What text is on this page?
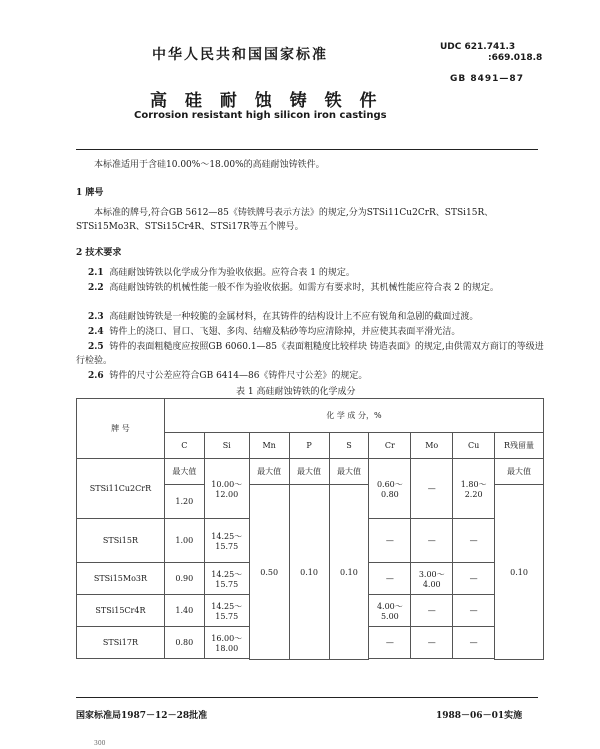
中华人民共和国国家标准	UDC 621.741.3
:669.018.8
GB 8491—87
高 硅 耐 蚀 铸 铁 件
Corrosion resistant high silicon iron castings
本标准适用于含硅10.00%～18.00%的高硅耐蚀铸铁件。
1 牌号
本标准的牌号,符合GB 5612—85《铸铁牌号表示方法》的规定,分为STSi11Cu2CrR、STSi15R、STSi15Mo3R、STSi15Cr4R、STSi17R等五个牌号。
2 技术要求
2.1 高硅耐蚀铸铁以化学成分作为验收依据。应符合表 1 的规定。
2.2 高硅耐蚀铸铁的机械性能一般不作为验收依据。如需方有要求时，其机械性能应符合表 2 的规定。
2.3 高硅耐蚀铸铁是一种较脆的金属材料，在其铸件的结构设计上不应有锐角和急剧的截面过渡。
2.4 铸件上的浇口、冒口、飞翅、多肉、结瘤及粘砂等均应清除掉，并应使其表面平滑光洁。
2.5 铸件的表面粗糙度应按照GB 6060.1—85《表面粗糙度比较样块 铸造表面》的规定,由供需双方商订的等级进行检验。
2.6 铸件的尺寸公差应符合GB 6414—86《铸件尺寸公差》的规定。
表 1 高硅耐蚀铸铁的化学成分
牌 号	化 学 成 分，%								
	C	Si	Mn	P	S	Cr	Mo	Cu	R残留量
STSi11Cu2CrR	最大值	10.00～12.00	最大值	最大值	最大值	0.60～0.80	—	1.80～2.20	最大值
	1.20		0.50	0.10	0.10				0.10
STSi15R	1.00	14.25～15.75				—	—	—	
STSi15Mo3R	0.90	14.25～15.75				—	3.00～4.00	—	
STSi15Cr4R	1.40	14.25～15.75				4.00～5.00	—	—	
STSi17R	0.80	16.00～18.00				—	—	—	

国家标准局1987－12－28批准	1988－06－01实施
300
